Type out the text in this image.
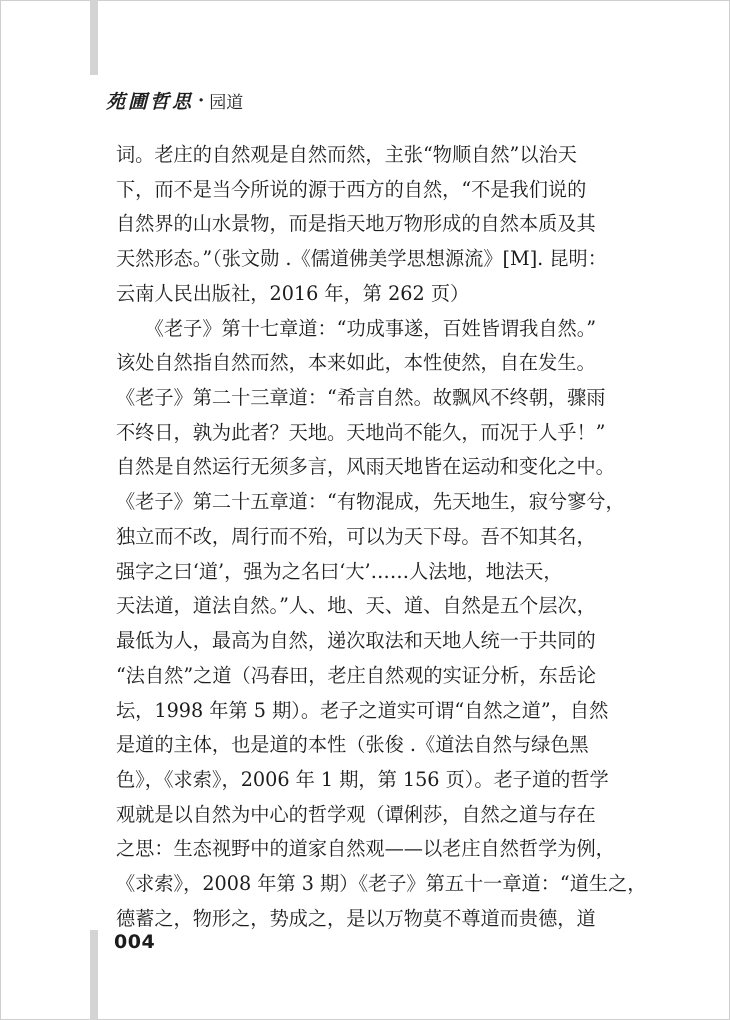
苑圃哲思 · 园道
词。老庄的自然观是自然而然，主张“物顺自然”以治天
下，而不是当今所说的源于西方的自然，“不是我们说的
自然界的山水景物，而是指天地万物形成的自然本质及其
天然形态。”（张文勋 .《儒道佛美学思想源流》[M]. 昆明：
云南人民出版社，2016 年，第 262 页）
　　《老子》第十七章道：“功成事遂，百姓皆谓我自然。”
该处自然指自然而然，本来如此，本性使然，自在发生。
《老子》第二十三章道：“希言自然。故飘风不终朝，骤雨
不终日，孰为此者？天地。天地尚不能久，而况于人乎！”
自然是自然运行无须多言，风雨天地皆在运动和变化之中。
《老子》第二十五章道：“有物混成，先天地生，寂兮寥兮，
独立而不改，周行而不殆，可以为天下母。吾不知其名，
强字之曰‘道’，强为之名曰‘大’……人法地，地法天，
天法道，道法自然。”人、地、天、道、自然是五个层次，
最低为人，最高为自然，递次取法和天地人统一于共同的
“法自然”之道（冯春田，老庄自然观的实证分析，东岳论
坛，1998 年第 5 期）。老子之道实可谓“自然之道”，自然
是道的主体，也是道的本性（张俊 .《道法自然与绿色黑
色》，《求索》，2006 年 1 期，第 156 页）。老子道的哲学
观就是以自然为中心的哲学观（谭俐莎，自然之道与存在
之思：生态视野中的道家自然观——以老庄自然哲学为例，
《求索》，2008 年第 3 期）《老子》第五十一章道：“道生之，
德蓄之，物形之，势成之，是以万物莫不尊道而贵德，道
004
